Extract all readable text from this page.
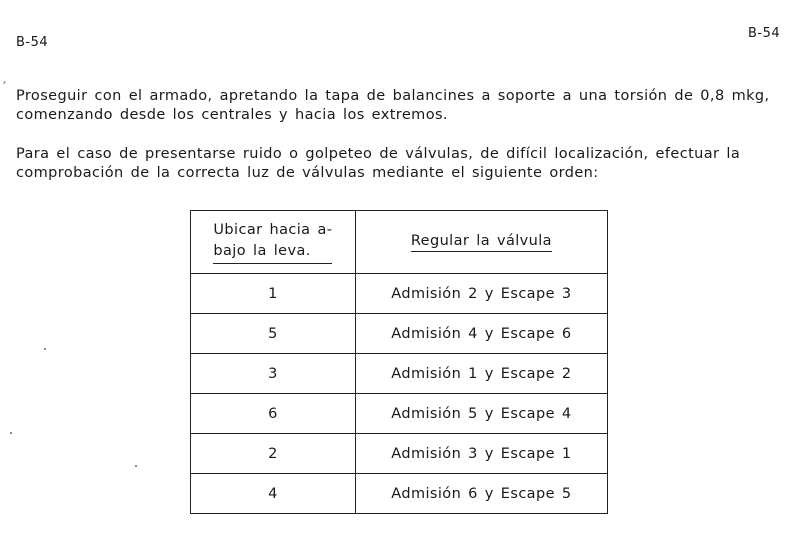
B-54
B-54
′ Proseguir con el armado, apretando la tapa de balancines a soporte a una torsión de 0,8 mkg, comenzando desde los centrales y hacia los extremos.

Para el caso de presentarse ruido o golpeteo de válvulas, de difícil localización, efectuar la comprobación de la correcta luz de válvulas mediante el siguiente orden:

Ubicar hacia a-
bajo la leva.	Regular la válvula
1	Admisión 2 y Escape 3
5	Admisión 4 y Escape 6
3	Admisión 1 y Escape 2
6	Admisión 5 y Escape 4
2	Admisión 3 y Escape 1
4	Admisión 6 y Escape 5
